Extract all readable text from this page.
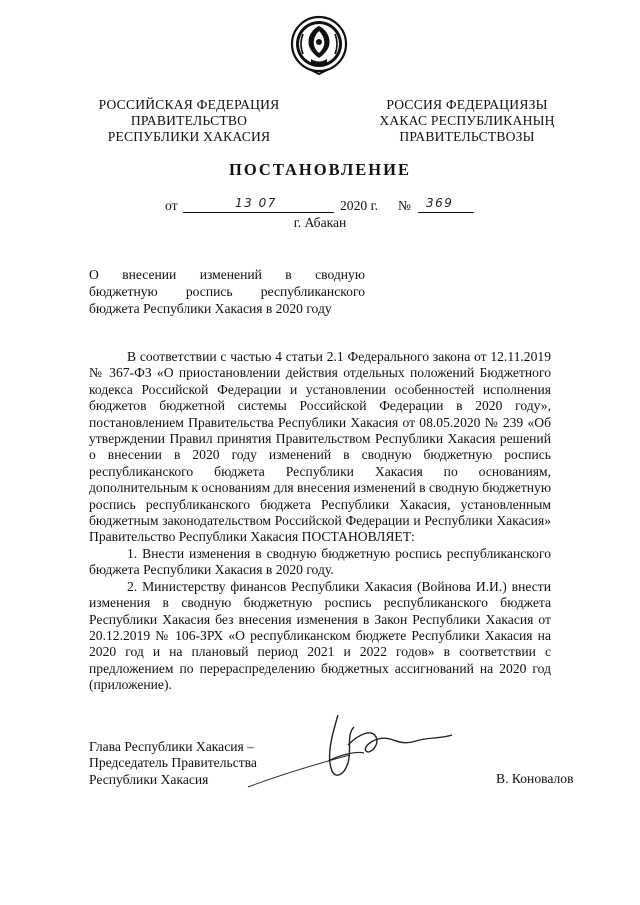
РОССИЙСКАЯ ФЕДЕРАЦИЯ
ПРАВИТЕЛЬСТВО
РЕСПУБЛИКИ ХАКАСИЯ
РОССИЯ ФЕДЕРАЦИЯЗЫ
ХАКАС РЕСПУБЛИКАНЫҢ
ПРАВИТЕЛЬСТВОЗЫ
ПОСТАНОВЛЕНИЕ
от	13 07	2020 г. № 369
г. Абакан
О внесении изменений в сводную
бюджетную роспись республиканского
бюджета Республики Хакасия в 2020 году

В соответствии с частью 4 статьи 2.1 Федерального закона от 12.11.2019 № 367-ФЗ «О приостановлении действия отдельных положений Бюджетного кодекса Российской Федерации и установлении особенностей исполнения бюджетов бюджетной системы Российской Федерации в 2020 году», постановлением Правительства Республики Хакасия от 08.05.2020 № 239 «Об утверждении Правил принятия Правительством Республики Хакасия решений о внесении в 2020 году изменений в сводную бюджетную роспись республиканского бюджета Республики Хакасия по основаниям, дополнительным к основаниям для внесения изменений в сводную бюджетную роспись республиканского бюджета Республики Хакасия, установленным бюджетным законодательством Российской Федерации и Республики Хакасия» Правительство Республики Хакасия ПОСТАНОВЛЯЕТ:

1. Внести изменения в сводную бюджетную роспись республиканского бюджета Республики Хакасия в 2020 году.

2. Министерству финансов Республики Хакасия (Войнова И.И.) внести изменения в сводную бюджетную роспись республиканского бюджета Республики Хакасия без внесения изменения в Закон Республики Хакасия от 20.12.2019 № 106-ЗРХ «О республиканском бюджете Республики Хакасия на 2020 год и на плановый период 2021 и 2022 годов» в соответствии с предложением по перераспределению бюджетных ассигнований на 2020 год (приложение).

Глава Республики Хакасия –
Председатель Правительства
Республики Хакасия	В. Коновалов
